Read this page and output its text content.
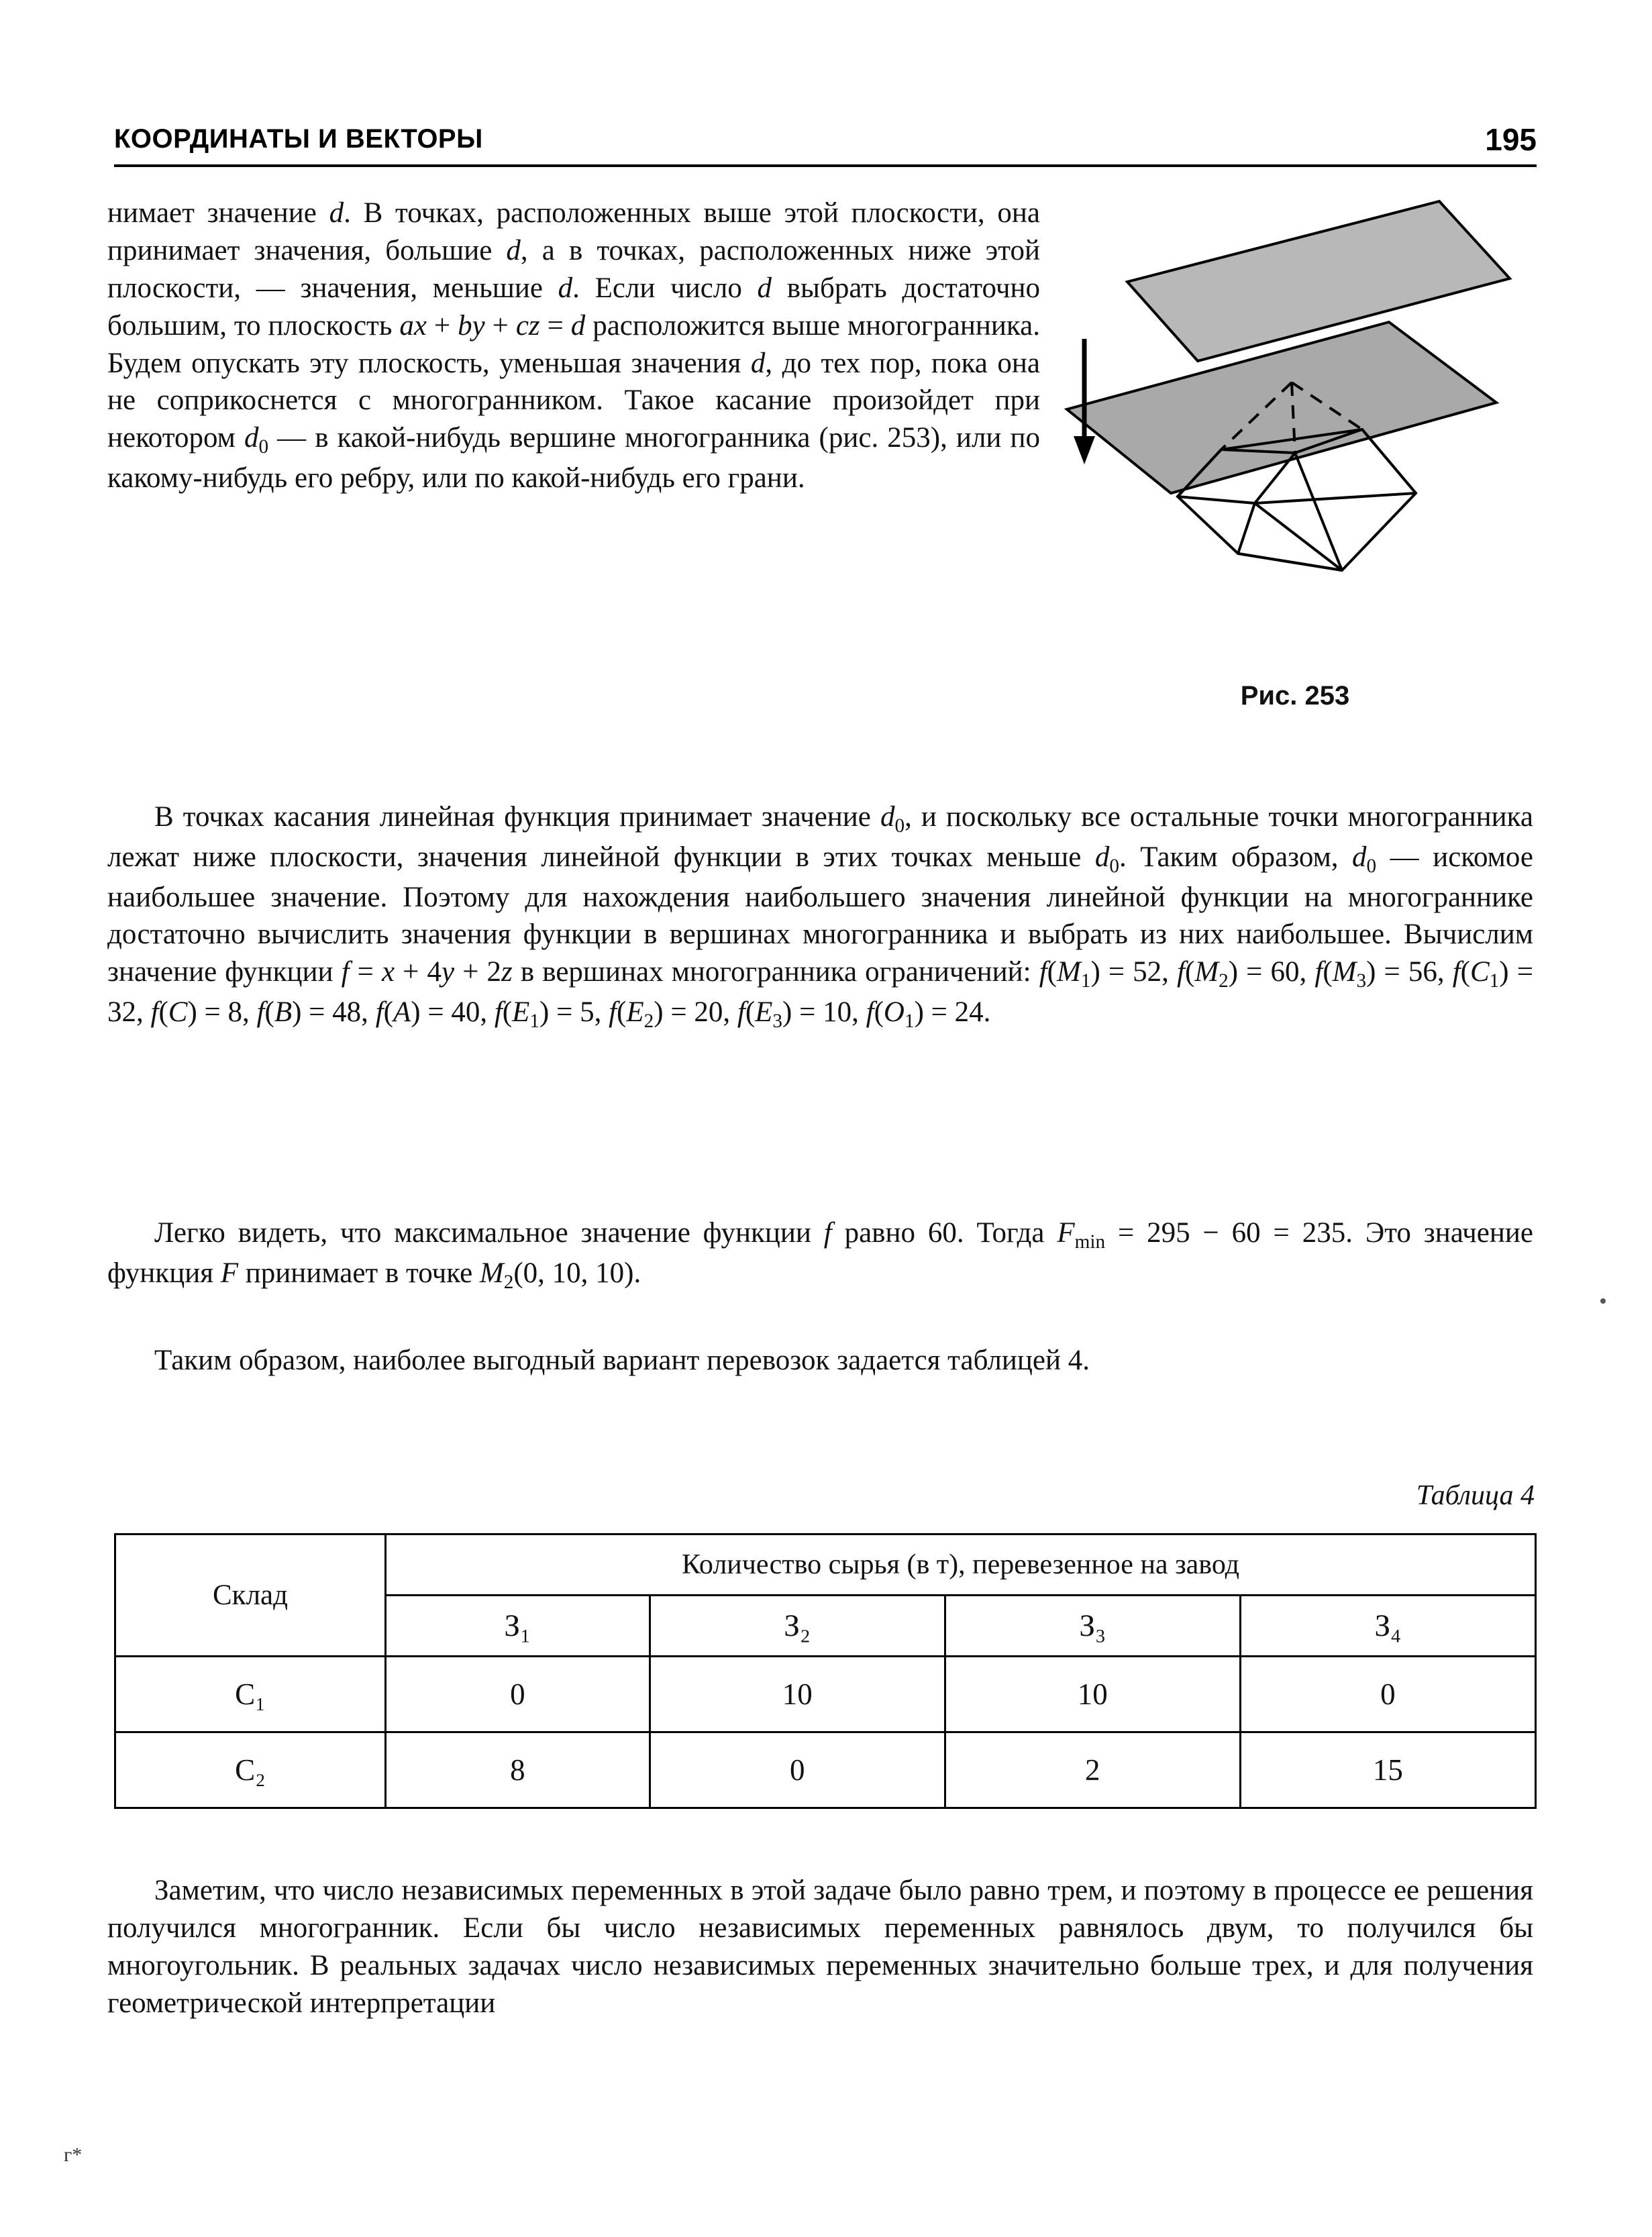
КООРДИНАТЫ И ВЕКТОРЫ	195

нимает значение d. В точках, расположенных выше этой плоскости, она принимает значения, большие d, а в точках, расположенных ниже этой плоскости, — значения, меньшие d. Если число d выбрать достаточно большим, то плоскость ax + by + cz = d расположится выше многогранника. Будем опускать эту плоскость, уменьшая значения d, до тех пор, пока она не соприкоснется с многогранником. Такое касание произойдет при некотором $d_0$ — в какой-нибудь вершине многогранника (рис. 253), или по какому-нибудь его ребру, или по какой-нибудь его грани.

Рис. 253
В точках касания линейная функция принимает значение $d_0$, и поскольку все остальные точки многогранника лежат ниже плоскости, значения линейной функции в этих точках меньше $d_0$. Таким образом, $d_0$ — искомое наибольшее значение. Поэтому для нахождения наибольшего значения линейной функции на многограннике достаточно вычислить значения функции в вершинах многогранника и выбрать из них наибольшее. Вычислим значение функции f = x + 4y + 2z в вершинах многогранника ограничений: $f(M_1) = 52$, $f(M_2) = 60$, $f(M_3) = 56$, $f(C_1) = 32$, f(C) = 8, f(B) = 48, f(A) = 40, $f(E_1) = 5$, $f(E_2) = 20$, $f(E_3) = 10$, $f(O_1) = 24$.
Легко видеть, что максимальное значение функции f равно 60. Тогда $F_{min} = 295 - 60 = 235$. Это значение функция F принимает в точке $M_2(0$, 10, 10).
Таким образом, наиболее выгодный вариант перевозок задается таблицей 4.
Таблица 4
Склад	Количество сырья (в т), перевезенное на завод			
	З₁	З₂	З₃	З₄
С₁	0	10	10	0
С₂	8	0	2	15
Заметим, что число независимых переменных в этой задаче было равно трем, и поэтому в процессе ее решения получился многогранник. Если бы число независимых переменных равнялось двум, то получился бы многоугольник. В реальных задачах число независимых переменных значительно больше трех, и для получения геометрической интерпретации
г*
